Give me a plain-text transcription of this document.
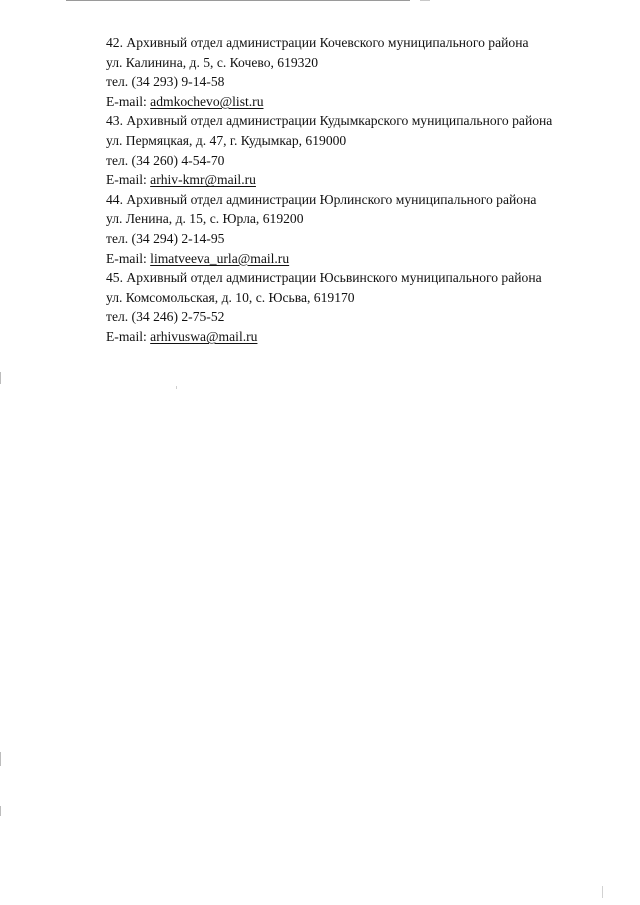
42. Архивный отдел администрации Кочевского муниципального района
ул. Калинина, д. 5, с. Кочево, 619320
тел. (34 293) 9-14-58
E-mail: admkochevo@list.ru
43. Архивный отдел администрации Кудымкарского муниципального района
ул. Пермяцкая, д. 47, г. Кудымкар, 619000
тел. (34 260) 4-54-70
E-mail: arhiv-kmr@mail.ru
44. Архивный отдел администрации Юрлинского муниципального района
ул. Ленина, д. 15, с. Юрла, 619200
тел. (34 294) 2-14-95
E-mail: limatveeva_urla@mail.ru
45. Архивный отдел администрации Юсьвинского муниципального района
ул. Комсомольская, д. 10, с. Юсьва, 619170
тел. (34 246) 2-75-52
E-mail: arhivuswa@mail.ru
